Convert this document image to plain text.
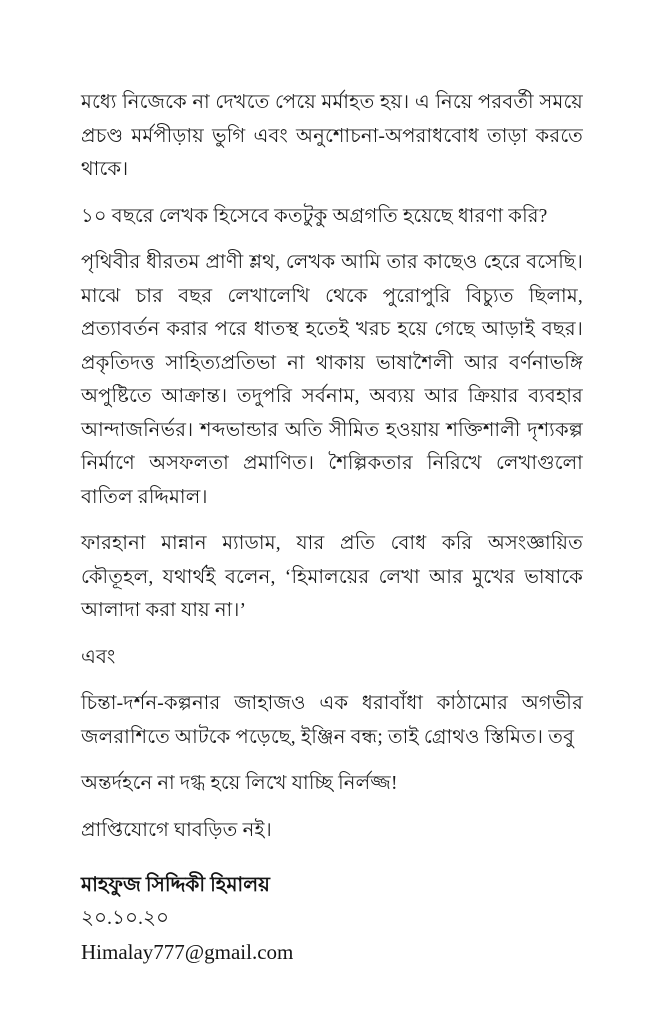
মধ্যে নিজেকে না দেখতে পেয়ে মর্মাহত হয়। এ নিয়ে পরবর্তী সময়ে প্রচণ্ড মর্মপীড়ায় ভুগি এবং অনুশোচনা-অপরাধবোধ তাড়া করতে থাকে।

১০ বছরে লেখক হিসেবে কতটুকু অগ্রগতি হয়েছে ধারণা করি?

পৃথিবীর ধীরতম প্রাণী শ্লথ, লেখক আমি তার কাছেও হেরে বসেছি। মাঝে চার বছর লেখালেখি থেকে পুরোপুরি বিচ্যুত ছিলাম, প্রত্যাবর্তন করার পরে ধাতস্থ হতেই খরচ হয়ে গেছে আড়াই বছর। প্রকৃতিদত্ত সাহিত্যপ্রতিভা না থাকায় ভাষাশৈলী আর বর্ণনাভঙ্গি অপুষ্টিতে আক্রান্ত। তদুপরি সর্বনাম, অব্যয় আর ক্রিয়ার ব্যবহার আন্দাজনির্ভর। শব্দভান্ডার অতি সীমিত হওয়ায় শক্তিশালী দৃশ্যকল্প নির্মাণে অসফলতা প্রমাণিত। শৈল্পিকতার নিরিখে লেখাগুলো বাতিল রদ্দিমাল।

ফারহানা মান্নান ম্যাডাম, যার প্রতি বোধ করি অসংজ্ঞায়িত কৌতূহল, যথার্থই বলেন, ‘হিমালয়ের লেখা আর মুখের ভাষাকে আলাদা করা যায় না।’

এবং

চিন্তা-দর্শন-কল্পনার জাহাজও এক ধরাবাঁধা কাঠামোর অগভীর জলরাশিতে আটকে পড়েছে, ইঞ্জিন বন্ধ; তাই গ্রোথও স্তিমিত। তবু

অন্তর্দহনে না দগ্ধ হয়ে লিখে যাচ্ছি নির্লজ্জ!

প্রাপ্তিযোগে ঘাবড়িত নই।

মাহফুজ সিদ্দিকী হিমালয়
২০.১০.২০
Himalay777@gmail.com
